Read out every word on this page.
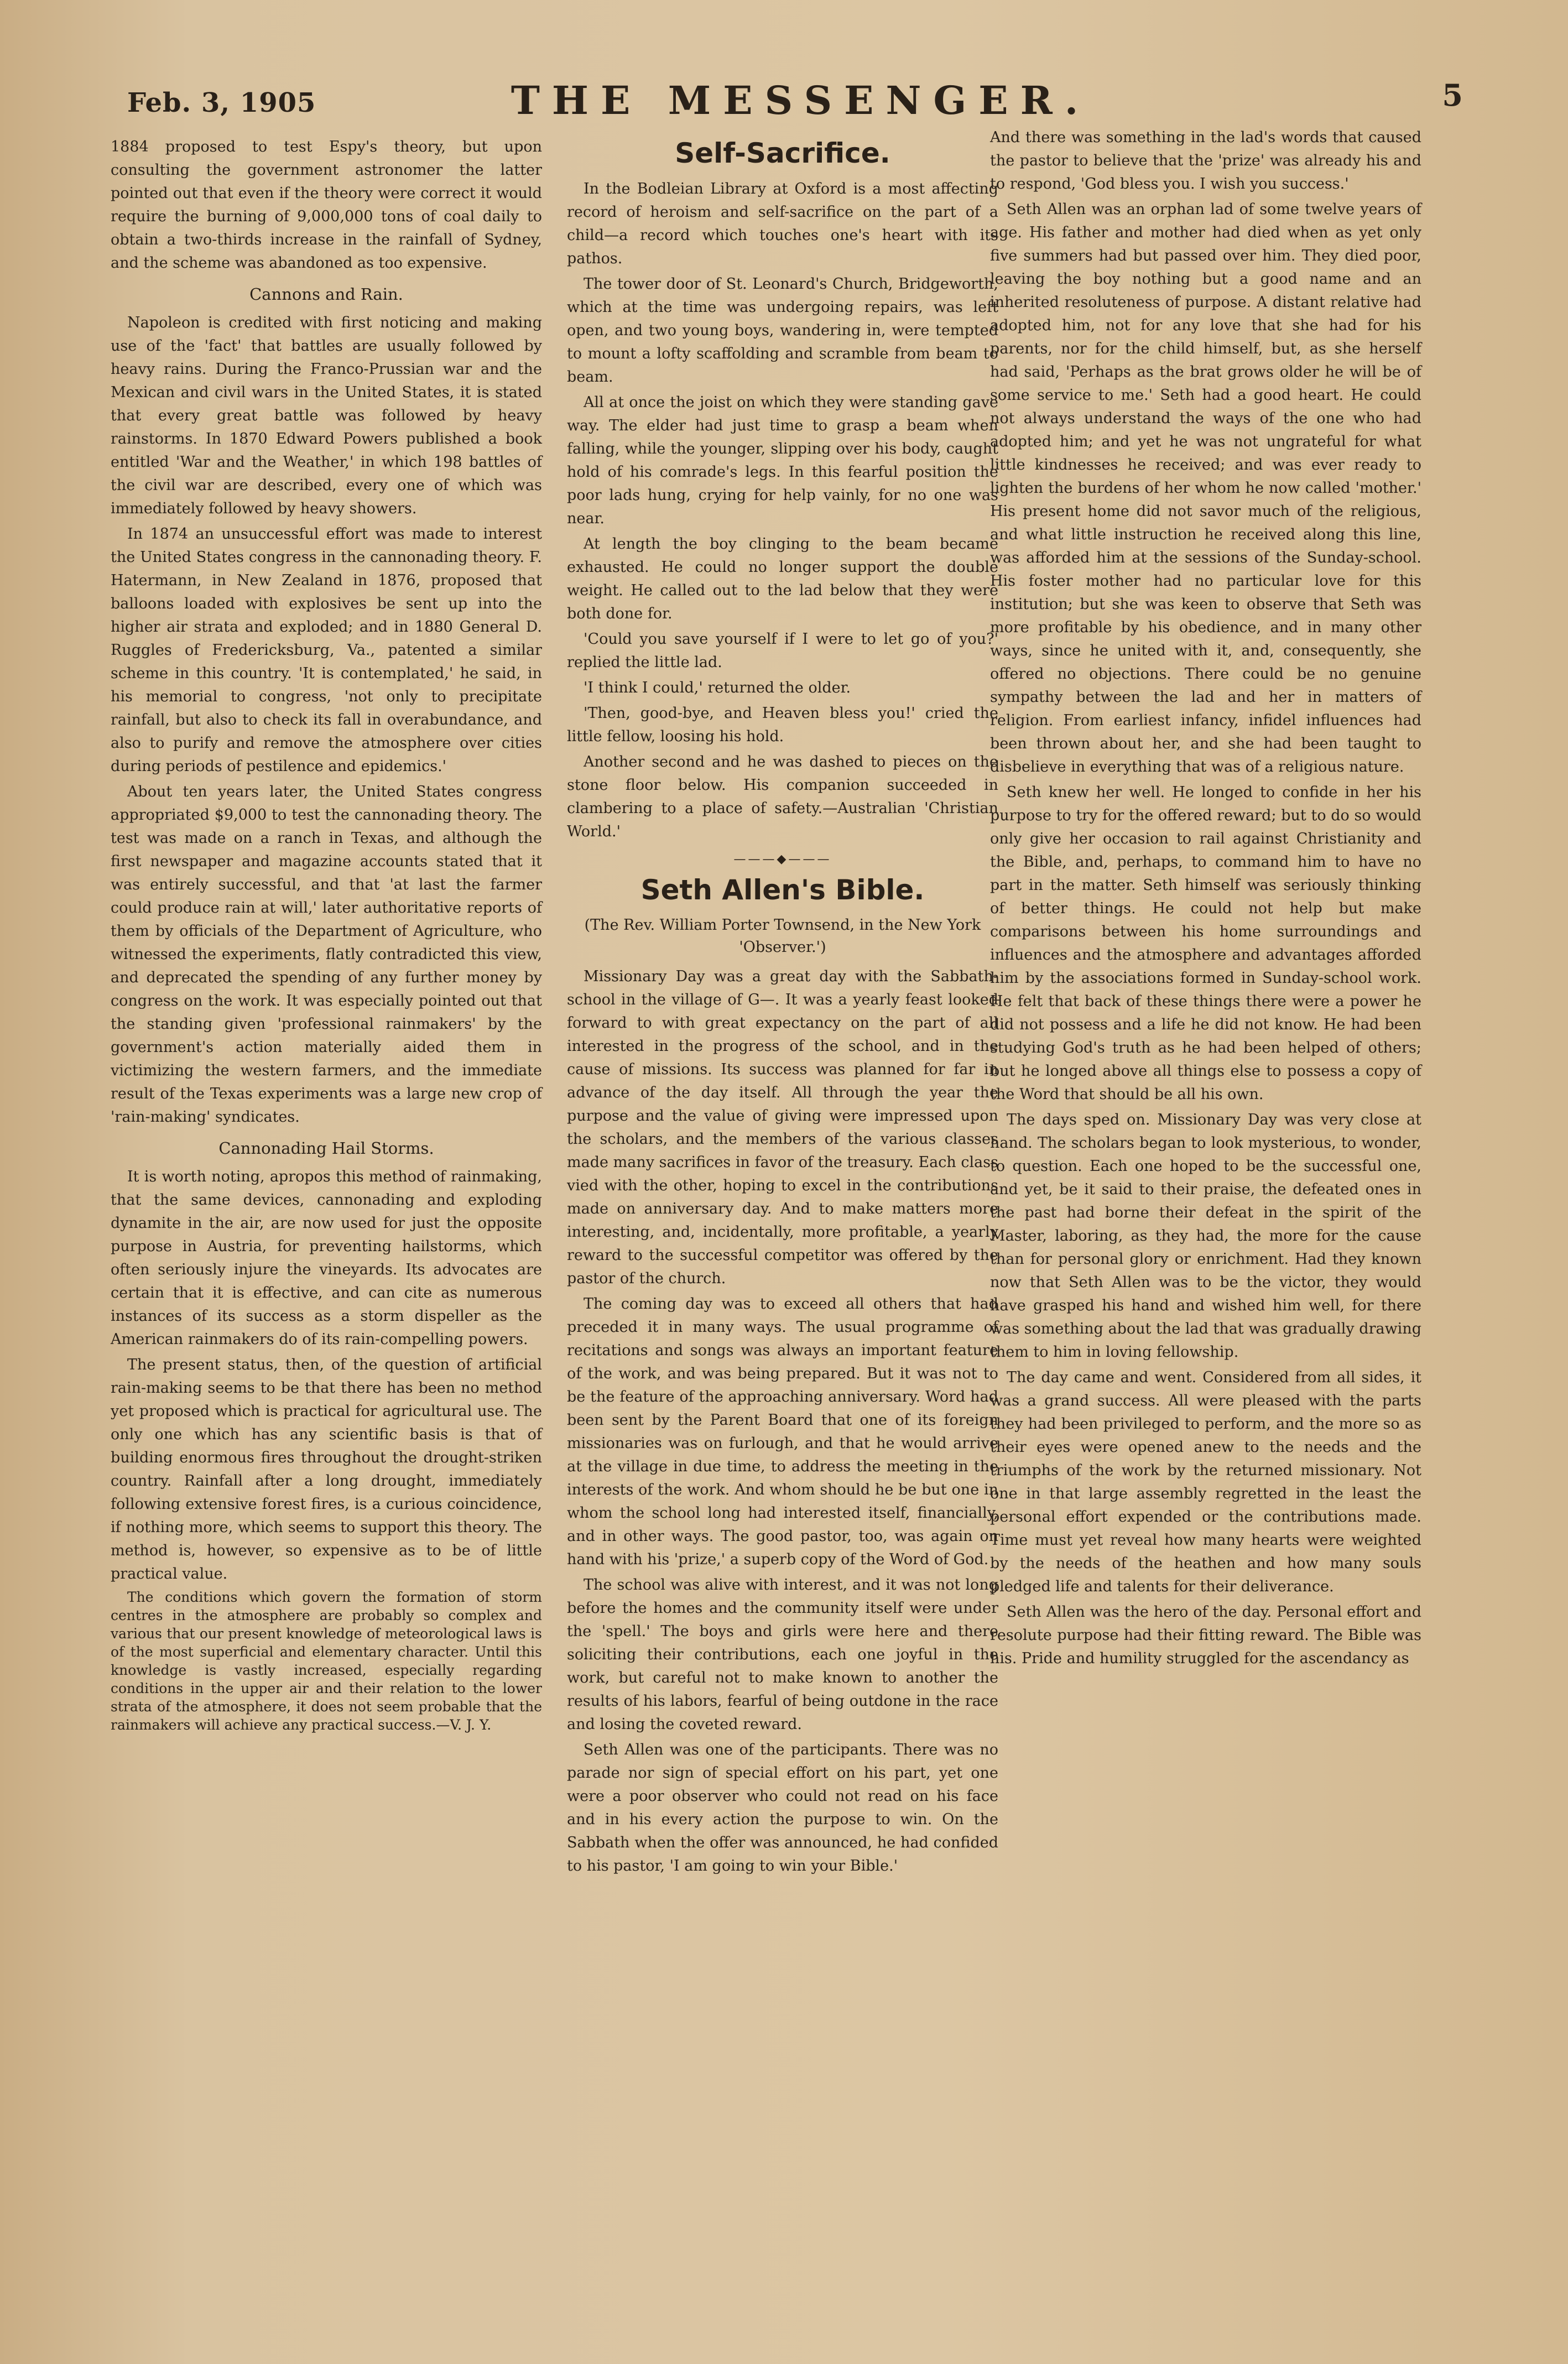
Feb. 3, 1905	THE MESSENGER.	5

1884 proposed to test Espy's theory, but upon consulting the government astronomer the latter pointed out that even if the theory were correct it would require the burning of 9,000,000 tons of coal daily to obtain a two-thirds increase in the rainfall of Sydney, and the scheme was abandoned as too expensive.

Cannons and Rain.

Napoleon is credited with first noticing and making use of the 'fact' that battles are usually followed by heavy rains. During the Franco-Prussian war and the Mexican and civil wars in the United States, it is stated that every great battle was followed by heavy rainstorms. In 1870 Edward Powers published a book entitled 'War and the Weather,' in which 198 battles of the civil war are described, every one of which was immediately followed by heavy showers.

In 1874 an unsuccessful effort was made to interest the United States congress in the cannonading theory. F. Hatermann, in New Zealand in 1876, proposed that balloons loaded with explosives be sent up into the higher air strata and exploded; and in 1880 General D. Ruggles of Fredericksburg, Va., patented a similar scheme in this country. 'It is contemplated,' he said, in his memorial to congress, 'not only to precipitate rainfall, but also to check its fall in overabundance, and also to purify and remove the atmosphere over cities during periods of pestilence and epidemics.'

About ten years later, the United States congress appropriated $9,000 to test the cannonading theory. The test was made on a ranch in Texas, and although the first newspaper and magazine accounts stated that it was entirely successful, and that 'at last the farmer could produce rain at will,' later authoritative reports of them by officials of the Department of Agriculture, who witnessed the experiments, flatly contradicted this view, and deprecated the spending of any further money by congress on the work. It was especially pointed out that the standing given 'professional rainmakers' by the government's action materially aided them in victimizing the western farmers, and the immediate result of the Texas experiments was a large new crop of 'rain-making' syndicates.

Cannonading Hail Storms.

It is worth noting, apropos this method of rainmaking, that the same devices, cannonading and exploding dynamite in the air, are now used for just the opposite purpose in Austria, for preventing hailstorms, which often seriously injure the vineyards. Its advocates are certain that it is effective, and can cite as numerous instances of its success as a storm dispeller as the American rainmakers do of its rain-compelling powers.

The present status, then, of the question of artificial rain-making seems to be that there has been no method yet proposed which is practical for agricultural use. The only one which has any scientific basis is that of building enormous fires throughout the drought-striken country. Rainfall after a long drought, immediately following extensive forest fires, is a curious coincidence, if nothing more, which seems to support this theory. The method is, however, so expensive as to be of little practical value.

The conditions which govern the formation of storm centres in the atmosphere are probably so complex and various that our present knowledge of meteorological laws is of the most superficial and elementary character. Until this knowledge is vastly increased, especially regarding conditions in the upper air and their relation to the lower strata of the atmosphere, it does not seem probable that the rainmakers will achieve any practical success.—V. J. Y.

Self-Sacrifice.

In the Bodleian Library at Oxford is a most affecting record of heroism and self-sacrifice on the part of a child—a record which touches one's heart with its pathos.

The tower door of St. Leonard's Church, Bridgeworth, which at the time was undergoing repairs, was left open, and two young boys, wandering in, were tempted to mount a lofty scaffolding and scramble from beam to beam.

All at once the joist on which they were standing gave way. The elder had just time to grasp a beam when falling, while the younger, slipping over his body, caught hold of his comrade's legs. In this fearful position the poor lads hung, crying for help vainly, for no one was near.

At length the boy clinging to the beam became exhausted. He could no longer support the double weight. He called out to the lad below that they were both done for.

'Could you save yourself if I were to let go of you?' replied the little lad.

'I think I could,' returned the older.

'Then, good-bye, and Heaven bless you!' cried the little fellow, loosing his hold.

Another second and he was dashed to pieces on the stone floor below. His companion succeeded in clambering to a place of safety.—Australian 'Christian World.'

———◆———
Seth Allen's Bible.
(The Rev. William Porter Townsend, in the New York 'Observer.')

Missionary Day was a great day with the Sabbath-school in the village of G—. It was a yearly feast looked forward to with great expectancy on the part of all interested in the progress of the school, and in the cause of missions. Its success was planned for far in advance of the day itself. All through the year the purpose and the value of giving were impressed upon the scholars, and the members of the various classes made many sacrifices in favor of the treasury. Each class vied with the other, hoping to excel in the contributions made on anniversary day. And to make matters more interesting, and, incidentally, more profitable, a yearly reward to the successful competitor was offered by the pastor of the church.

The coming day was to exceed all others that had preceded it in many ways. The usual programme of recitations and songs was always an important feature of the work, and was being prepared. But it was not to be the feature of the approaching anniversary. Word had been sent by the Parent Board that one of its foreign missionaries was on furlough, and that he would arrive at the village in due time, to address the meeting in the interests of the work. And whom should he be but one in whom the school long had interested itself, financially, and in other ways. The good pastor, too, was again on hand with his 'prize,' a superb copy of the Word of God.

The school was alive with interest, and it was not long before the homes and the community itself were under the 'spell.' The boys and girls were here and there soliciting their contributions, each one joyful in the work, but careful not to make known to another the results of his labors, fearful of being outdone in the race and losing the coveted reward.

Seth Allen was one of the participants. There was no parade nor sign of special effort on his part, yet one were a poor observer who could not read on his face and in his every action the purpose to win. On the Sabbath when the offer was announced, he had confided to his pastor, 'I am going to win your Bible.'

And there was something in the lad's words that caused the pastor to believe that the 'prize' was already his and to respond, 'God bless you. I wish you success.'

Seth Allen was an orphan lad of some twelve years of age. His father and mother had died when as yet only five summers had but passed over him. They died poor, leaving the boy nothing but a good name and an inherited resoluteness of purpose. A distant relative had adopted him, not for any love that she had for his parents, nor for the child himself, but, as she herself had said, 'Perhaps as the brat grows older he will be of some service to me.' Seth had a good heart. He could not always understand the ways of the one who had adopted him; and yet he was not ungrateful for what little kindnesses he received; and was ever ready to lighten the burdens of her whom he now called 'mother.' His present home did not savor much of the religious, and what little instruction he received along this line, was afforded him at the sessions of the Sunday-school. His foster mother had no particular love for this institution; but she was keen to observe that Seth was more profitable by his obedience, and in many other ways, since he united with it, and, consequently, she offered no objections. There could be no genuine sympathy between the lad and her in matters of religion. From earliest infancy, infidel influences had been thrown about her, and she had been taught to disbelieve in everything that was of a religious nature.

Seth knew her well. He longed to confide in her his purpose to try for the offered reward; but to do so would only give her occasion to rail against Christianity and the Bible, and, perhaps, to command him to have no part in the matter. Seth himself was seriously thinking of better things. He could not help but make comparisons between his home surroundings and influences and the atmosphere and advantages afforded him by the associations formed in Sunday-school work. He felt that back of these things there were a power he did not possess and a life he did not know. He had been studying God's truth as he had been helped of others; but he longed above all things else to possess a copy of the Word that should be all his own.

The days sped on. Missionary Day was very close at hand. The scholars began to look mysterious, to wonder, to question. Each one hoped to be the successful one, and yet, be it said to their praise, the defeated ones in the past had borne their defeat in the spirit of the Master, laboring, as they had, the more for the cause than for personal glory or enrichment. Had they known now that Seth Allen was to be the victor, they would have grasped his hand and wished him well, for there was something about the lad that was gradually drawing them to him in loving fellowship.

The day came and went. Considered from all sides, it was a grand success. All were pleased with the parts they had been privileged to perform, and the more so as their eyes were opened anew to the needs and the triumphs of the work by the returned missionary. Not one in that large assembly regretted in the least the personal effort expended or the contributions made. Time must yet reveal how many hearts were weighted by the needs of the heathen and how many souls pledged life and talents for their deliverance.

Seth Allen was the hero of the day. Personal effort and resolute purpose had their fitting reward. The Bible was his. Pride and humility struggled for the ascendancy as
